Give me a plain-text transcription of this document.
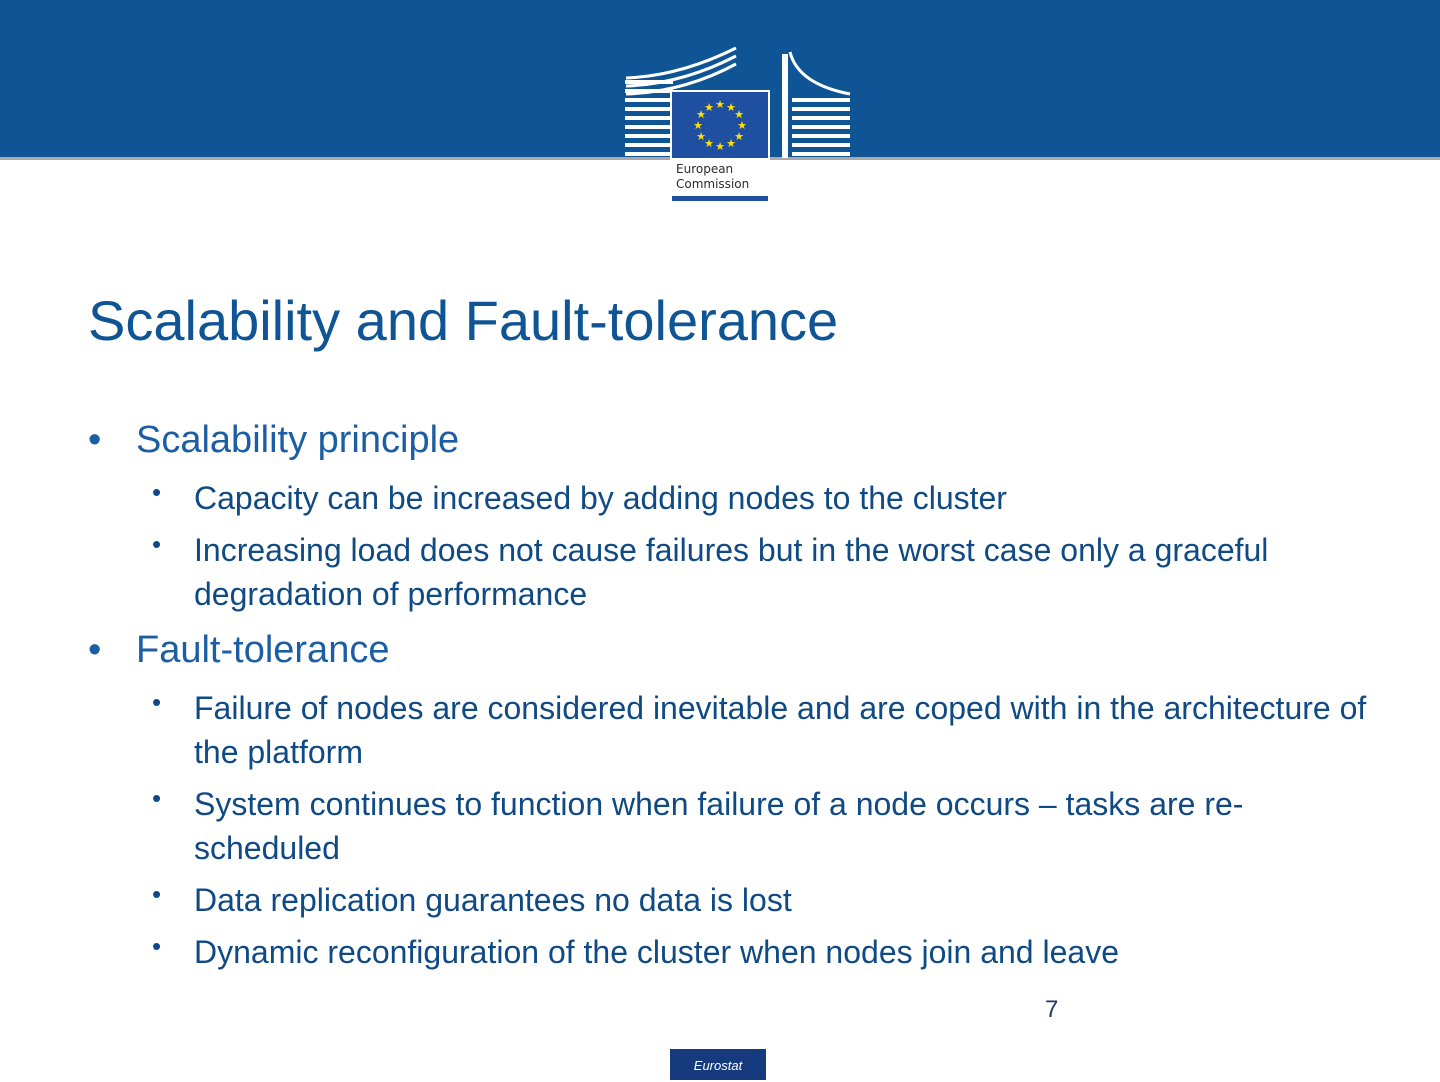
★ ★
★
★
★
★
★
★
★
★
★
★
European
Commission
Scalability and Fault-tolerance
• Scalability principle
• Capacity can be increased by adding nodes to the cluster
• Increasing load does not cause failures but in the worst case only a graceful degradation of performance
• Fault-tolerance
• Failure of nodes are considered inevitable and are coped with in the architecture of the platform
• System continues to function when failure of a node occurs – tasks are re-scheduled
• Data replication guarantees no data is lost
• Dynamic reconfiguration of the cluster when nodes join and leave
7
Eurostat
